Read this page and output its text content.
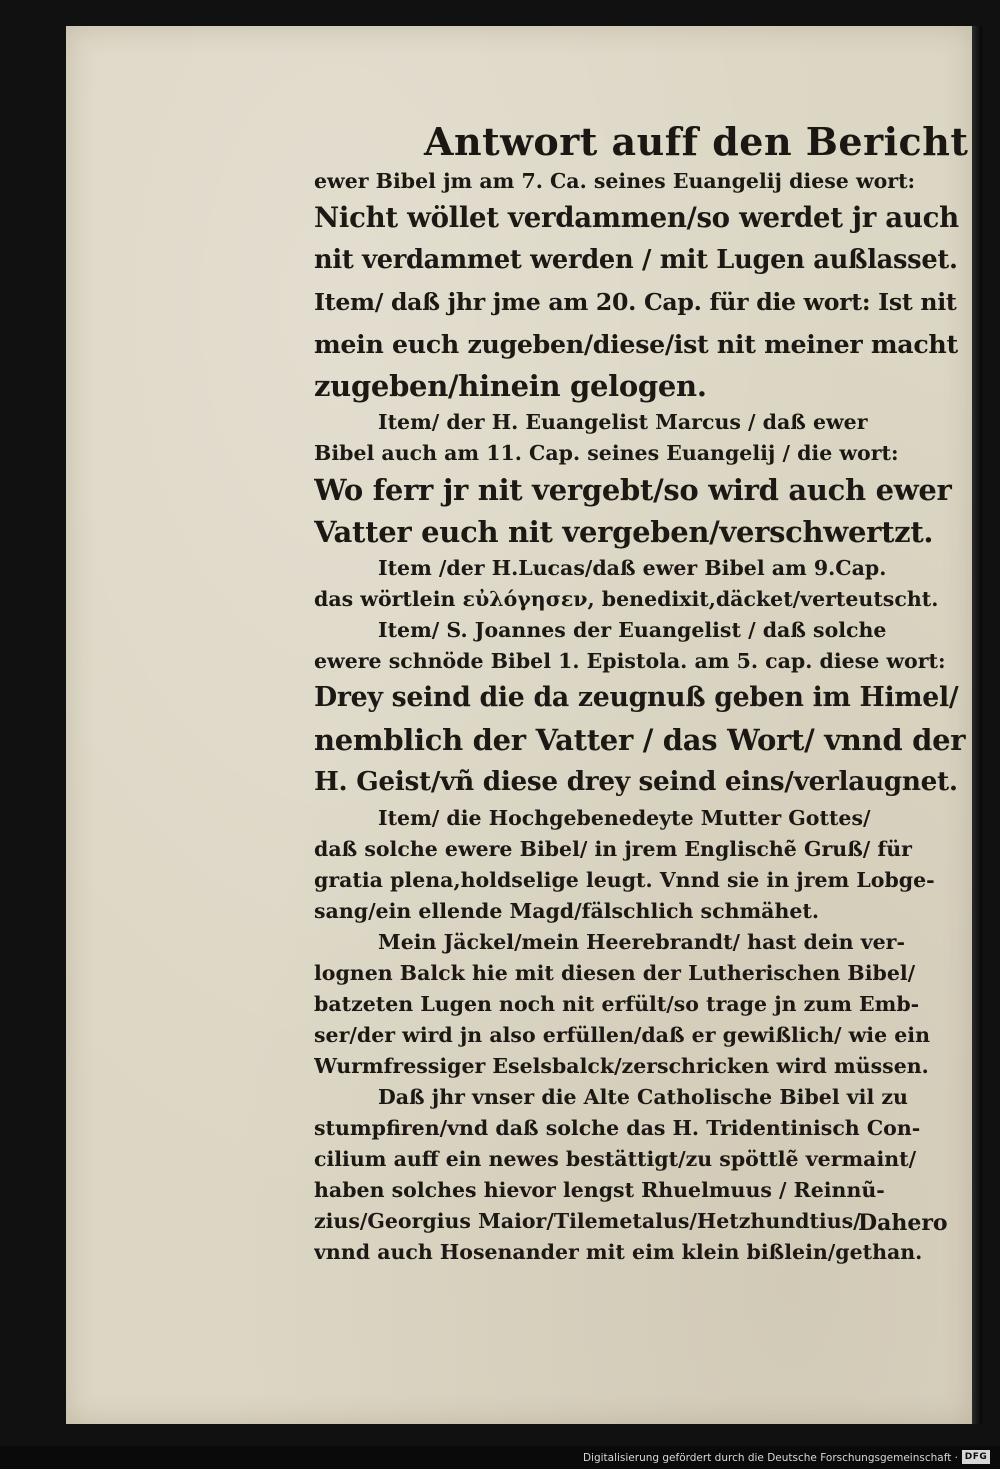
Antwort auff den Bericht
ewer Bibel jm am 7. Ca. seines Euangelij diese wort:
Nicht wöllet verdammen/so werdet jr auch
nit verdammet werden / mit Lugen außlasset.
Item/ daß jhr jme am 20. Cap. für die wort: Ist nit
mein euch zugeben/diese/ist nit meiner macht
zugeben/hinein gelogen.
Item/ der H. Euangelist Marcus / daß ewer
Bibel auch am 11. Cap. seines Euangelij / die wort:
Wo ferr jr nit vergebt/so wird auch ewer
Vatter euch nit vergeben/verschwertzt.
Item /der H.Lucas/daß ewer Bibel am 9.Cap.
das wörtlein εὐλόγησεν, benedixit,däcket/verteutscht.
Item/ S. Joannes der Euangelist / daß solche
ewere schnöde Bibel 1. Epistola. am 5. cap. diese wort:
Drey seind die da zeugnuß geben im Himel/
nemblich der Vatter / das Wort/ vnnd der
H. Geist/vñ diese drey seind eins/verlaugnet.
Item/ die Hochgebenedeyte Mutter Gottes/
daß solche ewere Bibel/ in jrem Englischẽ Gruß/ für
gratia plena,holdselige leugt. Vnnd sie in jrem Lobge-
sang/ein ellende Magd/fälschlich schmähet.
Mein Jäckel/mein Heerebrandt/ hast dein ver-
lognen Balck hie mit diesen der Lutherischen Bibel/
batzeten Lugen noch nit erfült/so trage jn zum Emb-
ser/der wird jn also erfüllen/daß er gewißlich/ wie ein
Wurmfressiger Eselsbalck/zerschricken wird müssen.
Daß jhr vnser die Alte Catholische Bibel vil zu
stumpfiren/vnd daß solche das H. Tridentinisch Con-
cilium auff ein newes bestättigt/zu spöttlẽ vermaint/
haben solches hievor lengst Rhuelmuus / Reinnũ-
zius/Georgius Maior/Tilemetalus/Hetzhundtius/
vnnd auch Hosenander mit eim klein bißlein/gethan.
Dahero
Digitalisierung gefördert durch die Deutsche Forschungsgemeinschaft · DFG
